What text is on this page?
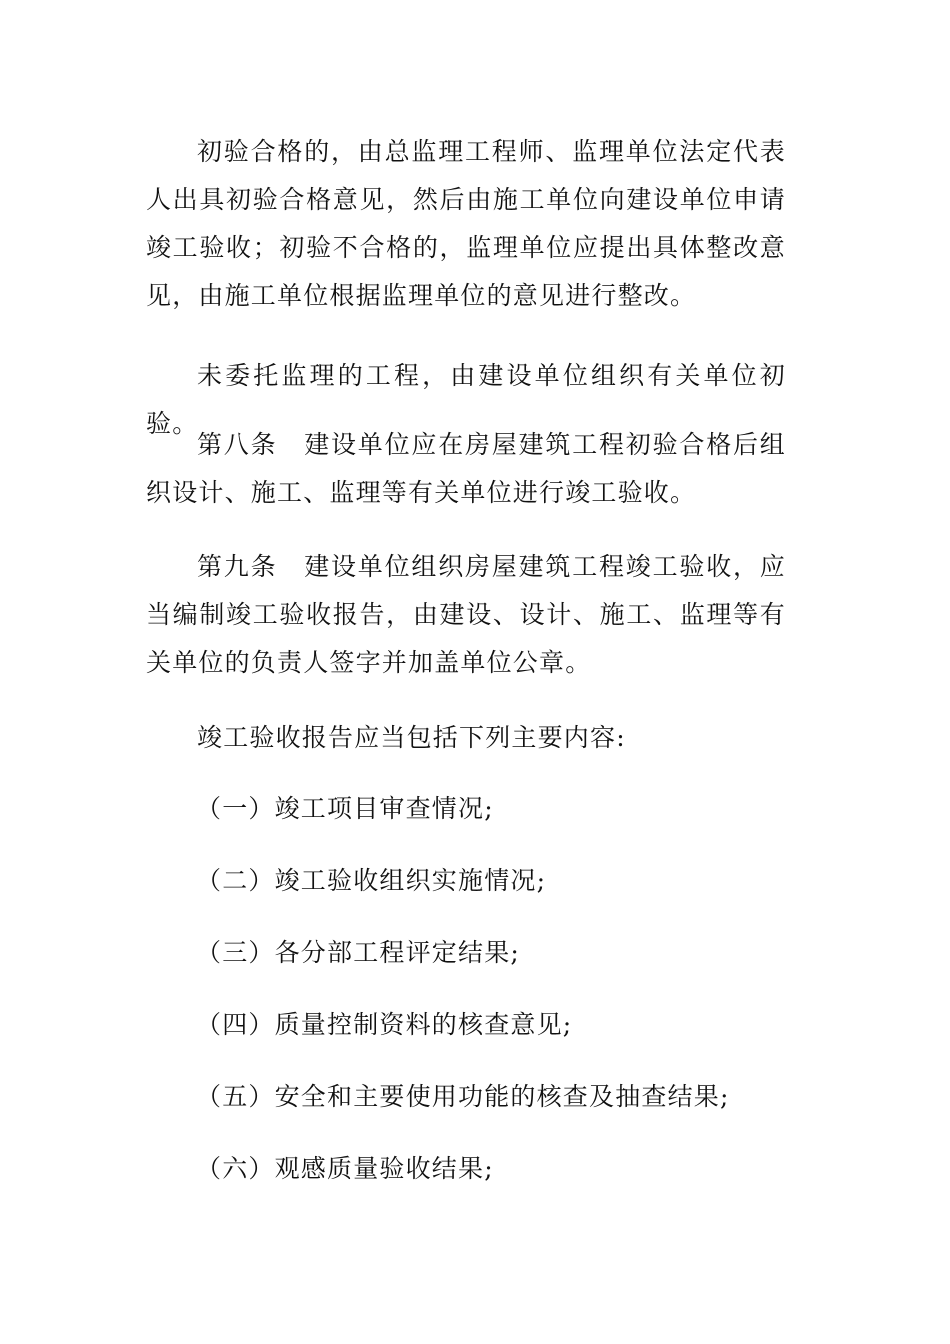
初验合格的，由总监理工程师、监理单位法定代表人出具初验合格意见，然后由施工单位向建设单位申请竣工验收；初验不合格的，监理单位应提出具体整改意见，由施工单位根据监理单位的意见进行整改。

未委托监理的工程，由建设单位组织有关单位初验。

第八条　建设单位应在房屋建筑工程初验合格后组织设计、施工、监理等有关单位进行竣工验收。

第九条　建设单位组织房屋建筑工程竣工验收，应当编制竣工验收报告，由建设、设计、施工、监理等有关单位的负责人签字并加盖单位公章。

竣工验收报告应当包括下列主要内容:

（一）竣工项目审查情况;

（二）竣工验收组织实施情况;

（三）各分部工程评定结果;

（四）质量控制资料的核查意见;

（五）安全和主要使用功能的核查及抽查结果;

（六）观感质量验收结果;
